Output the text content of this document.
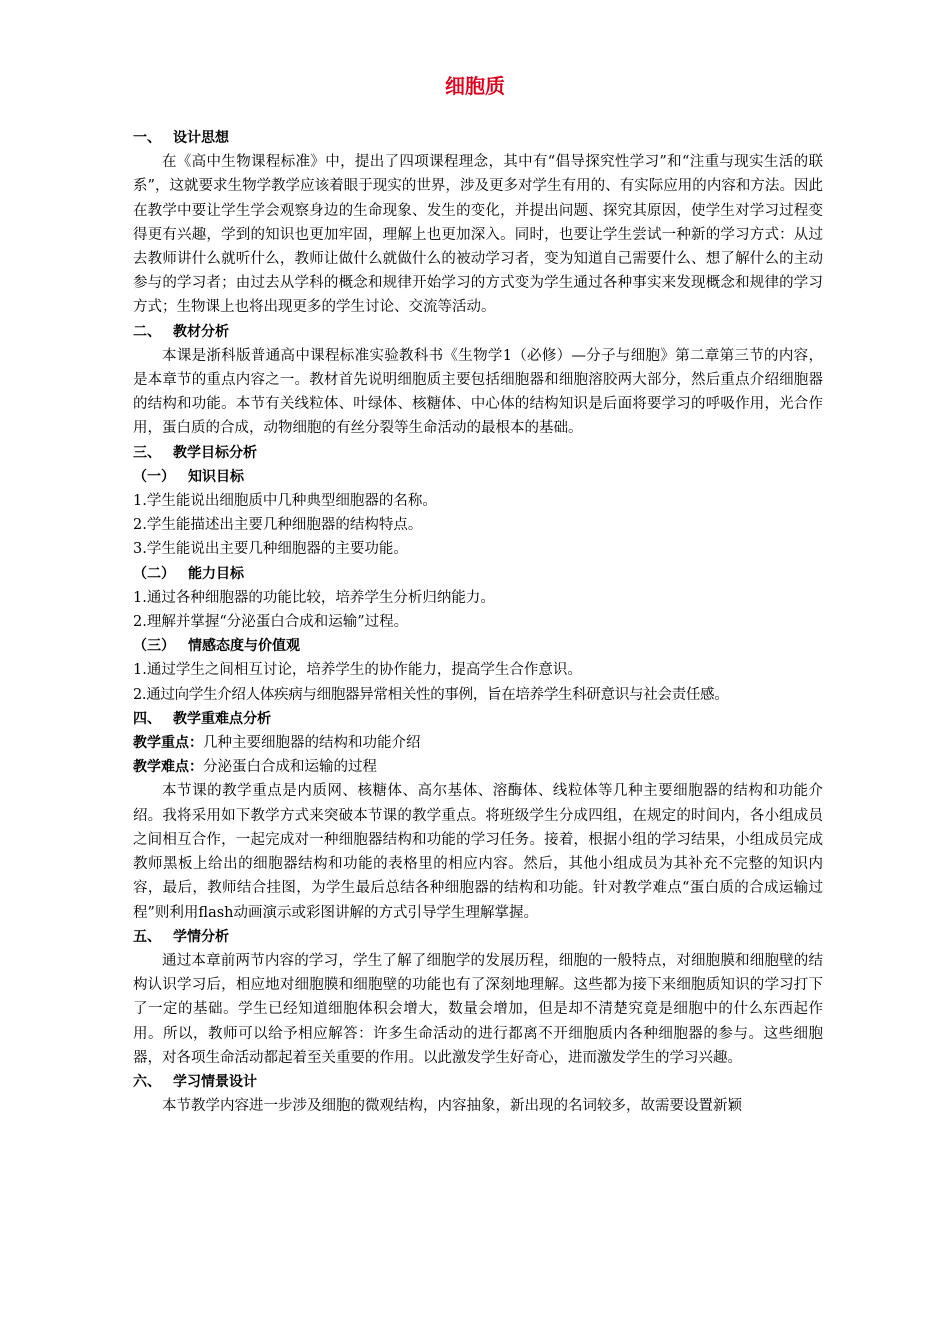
细胞质

一、 设计思想

在《高中生物课程标准》中，提出了四项课程理念，其中有“倡导探究性学习”和“注重与现实生活的联系”，这就要求生物学教学应该着眼于现实的世界，涉及更多对学生有用的、有实际应用的内容和方法。因此在教学中要让学生学会观察身边的生命现象、发生的变化，并提出问题、探究其原因，使学生对学习过程变得更有兴趣，学到的知识也更加牢固，理解上也更加深入。同时，也要让学生尝试一种新的学习方式：从过去教师讲什么就听什么，教师让做什么就做什么的被动学习者，变为知道自己需要什么、想了解什么的主动参与的学习者；由过去从学科的概念和规律开始学习的方式变为学生通过各种事实来发现概念和规律的学习方式；生物课上也将出现更多的学生讨论、交流等活动。

二、 教材分析

本课是浙科版普通高中课程标准实验教科书《生物学1（必修）—分子与细胞》第二章第三节的内容，是本章节的重点内容之一。教材首先说明细胞质主要包括细胞器和细胞溶胶两大部分，然后重点介绍细胞器的结构和功能。本节有关线粒体、叶绿体、核糖体、中心体的结构知识是后面将要学习的呼吸作用，光合作用，蛋白质的合成，动物细胞的有丝分裂等生命活动的最根本的基础。

三、 教学目标分析

（一） 知识目标

1.学生能说出细胞质中几种典型细胞器的名称。

2.学生能描述出主要几种细胞器的结构特点。

3.学生能说出主要几种细胞器的主要功能。

（二） 能力目标

1.通过各种细胞器的功能比较，培养学生分析归纳能力。

2.理解并掌握“分泌蛋白合成和运输”过程。

（三） 情感态度与价值观

1.通过学生之间相互讨论，培养学生的协作能力，提高学生合作意识。

2.通过向学生介绍人体疾病与细胞器异常相关性的事例，旨在培养学生科研意识与社会责任感。

四、 教学重难点分析

教学重点：几种主要细胞器的结构和功能介绍

教学难点：分泌蛋白合成和运输的过程

本节课的教学重点是内质网、核糖体、高尔基体、溶酶体、线粒体等几种主要细胞器的结构和功能介绍。我将采用如下教学方式来突破本节课的教学重点。将班级学生分成四组，在规定的时间内，各小组成员之间相互合作，一起完成对一种细胞器结构和功能的学习任务。接着，根据小组的学习结果，小组成员完成教师黑板上给出的细胞器结构和功能的表格里的相应内容。然后，其他小组成员为其补充不完整的知识内容，最后，教师结合挂图，为学生最后总结各种细胞器的结构和功能。针对教学难点“蛋白质的合成运输过程”则利用flash动画演示或彩图讲解的方式引导学生理解掌握。

五、 学情分析

通过本章前两节内容的学习，学生了解了细胞学的发展历程，细胞的一般特点，对细胞膜和细胞壁的结构认识学习后，相应地对细胞膜和细胞壁的功能也有了深刻地理解。这些都为接下来细胞质知识的学习打下了一定的基础。学生已经知道细胞体积会增大，数量会增加，但是却不清楚究竟是细胞中的什么东西起作用。所以，教师可以给予相应解答：许多生命活动的进行都离不开细胞质内各种细胞器的参与。这些细胞器，对各项生命活动都起着至关重要的作用。以此激发学生好奇心，进而激发学生的学习兴趣。

六、 学习情景设计

本节教学内容进一步涉及细胞的微观结构，内容抽象，新出现的名词较多，故需要设置新颖
